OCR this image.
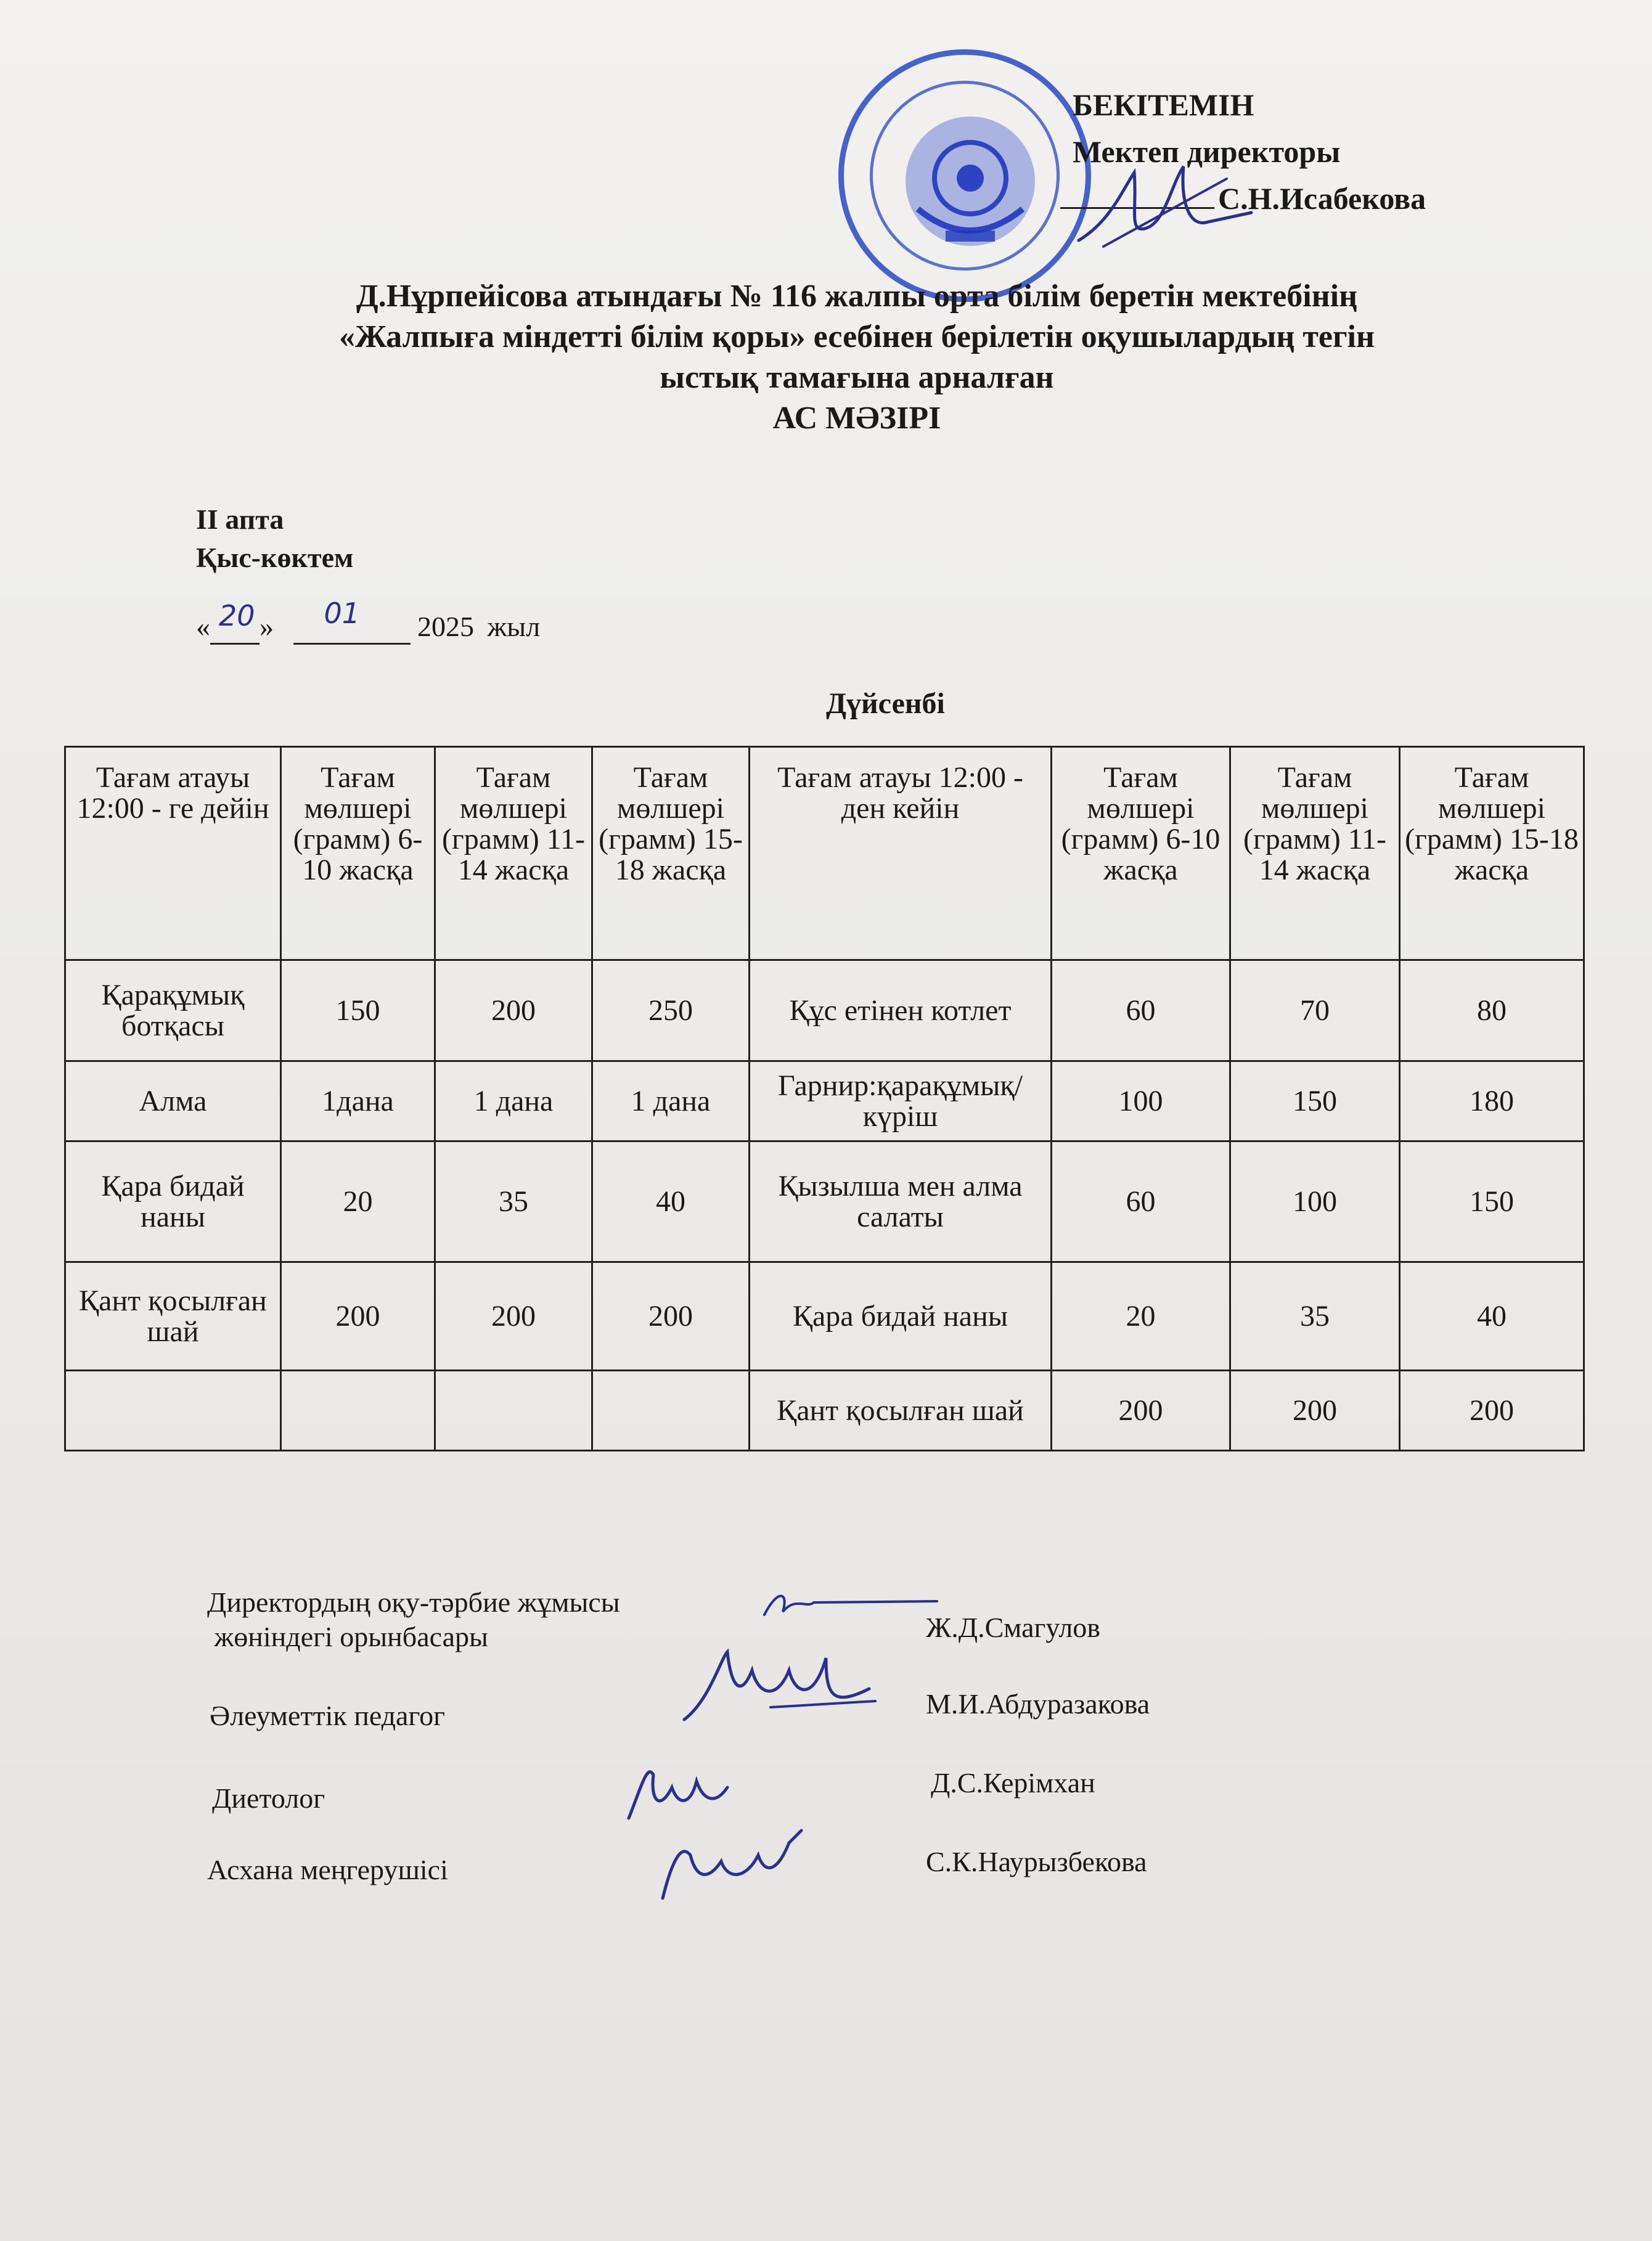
БЕКІТЕМІН
Мектеп директоры
С.Н.Исабекова
Д.Нұрпейісова атындағы № 116 жалпы орта білім беретін мектебінің
«Жалпыға міндетті білім қоры» есебінен берілетін оқушылардың тегін
ыстық тамағына арналған
АС МӘЗІРІ
II апта
Қыс-көктем
« 20 » 01 2025 жыл
Дүйсенбі
Тағам атауы 12:00 - ге дейін	Тағам мөлшері (грамм) 6-10 жасқа	Тағам мөлшері (грамм) 11-14 жасқа	Тағам мөлшері (грамм) 15-18 жасқа	Тағам атауы 12:00 - ден кейін	Тағам мөлшері (грамм) 6-10 жасқа	Тағам мөлшері (грамм) 11-14 жасқа	Тағам мөлшері (грамм) 15-18 жасқа
Қарақұмық ботқасы	150	200	250	Құс етінен котлет	60	70	80
Алма	1дана	1 дана	1 дана	Гарнир:қарақұмық/ күріш	100	150	180
Қара бидай наны	20	35	40	Қызылша мен алма салаты	60	100	150
Қант қосылған шай	200	200	200	Қара бидай наны	20	35	40
				Қант қосылған шай	200	200	200
Директордың оқу-тәрбие жұмысы
жөніндегі орынбасары	Ж.Д.Смагулов
Әлеуметтік педагог	М.И.Абдуразакова
Диетолог	Д.С.Керімхан
Асхана меңгерушісі	С.К.Наурызбекова
